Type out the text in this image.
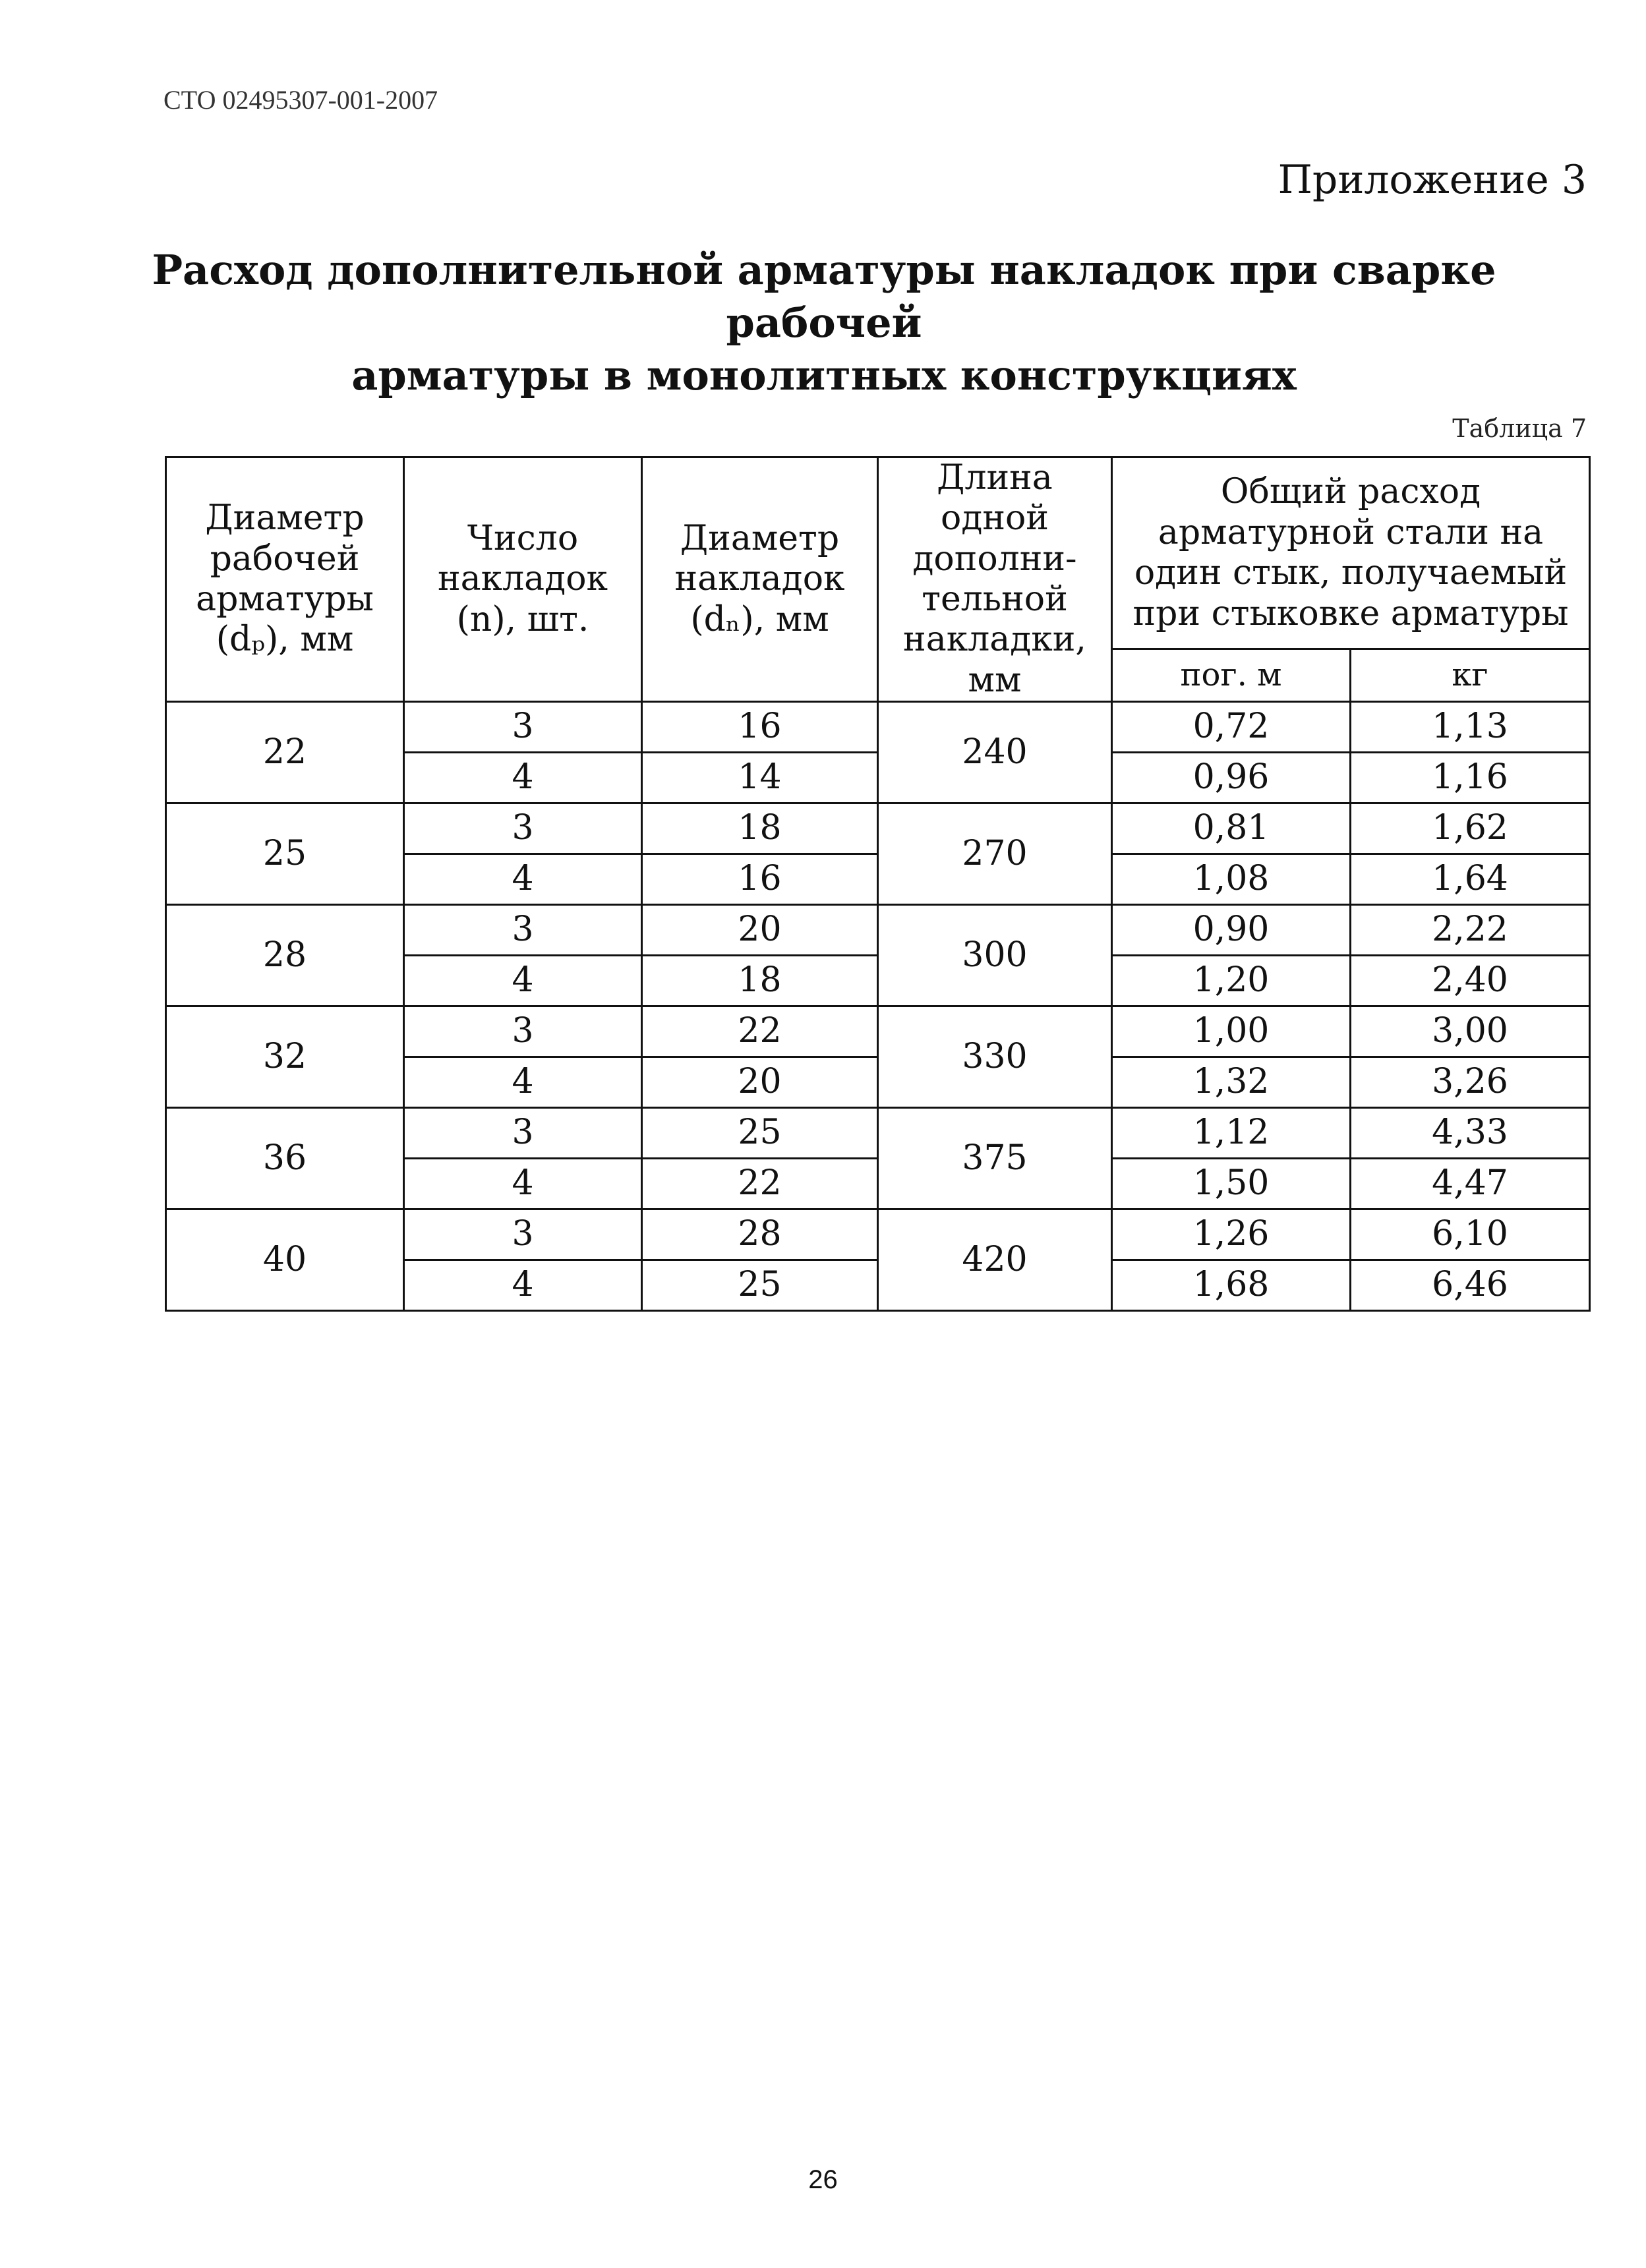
СТО 02495307-001-2007
Приложение 3
Расход дополнительной арматуры накладок при сварке рабочей
арматуры в монолитных конструкциях
Таблица 7
Диаметр рабочей арматуры (dₚ), мм	Число накладок (n), шт.	Диаметр накладок (dₙ), мм	Длина одной дополни-тельной накладки, мм	Общий расход арматурной стали на один стык, получаемый при стыковке арматуры	
				пог. м	кг
22	3	16	240	0,72	1,13
	4	14		0,96	1,16
25	3	18	270	0,81	1,62
	4	16		1,08	1,64
28	3	20	300	0,90	2,22
	4	18		1,20	2,40
32	3	22	330	1,00	3,00
	4	20		1,32	3,26
36	3	25	375	1,12	4,33
	4	22		1,50	4,47
40	3	28	420	1,26	6,10
	4	25		1,68	6,46
26
